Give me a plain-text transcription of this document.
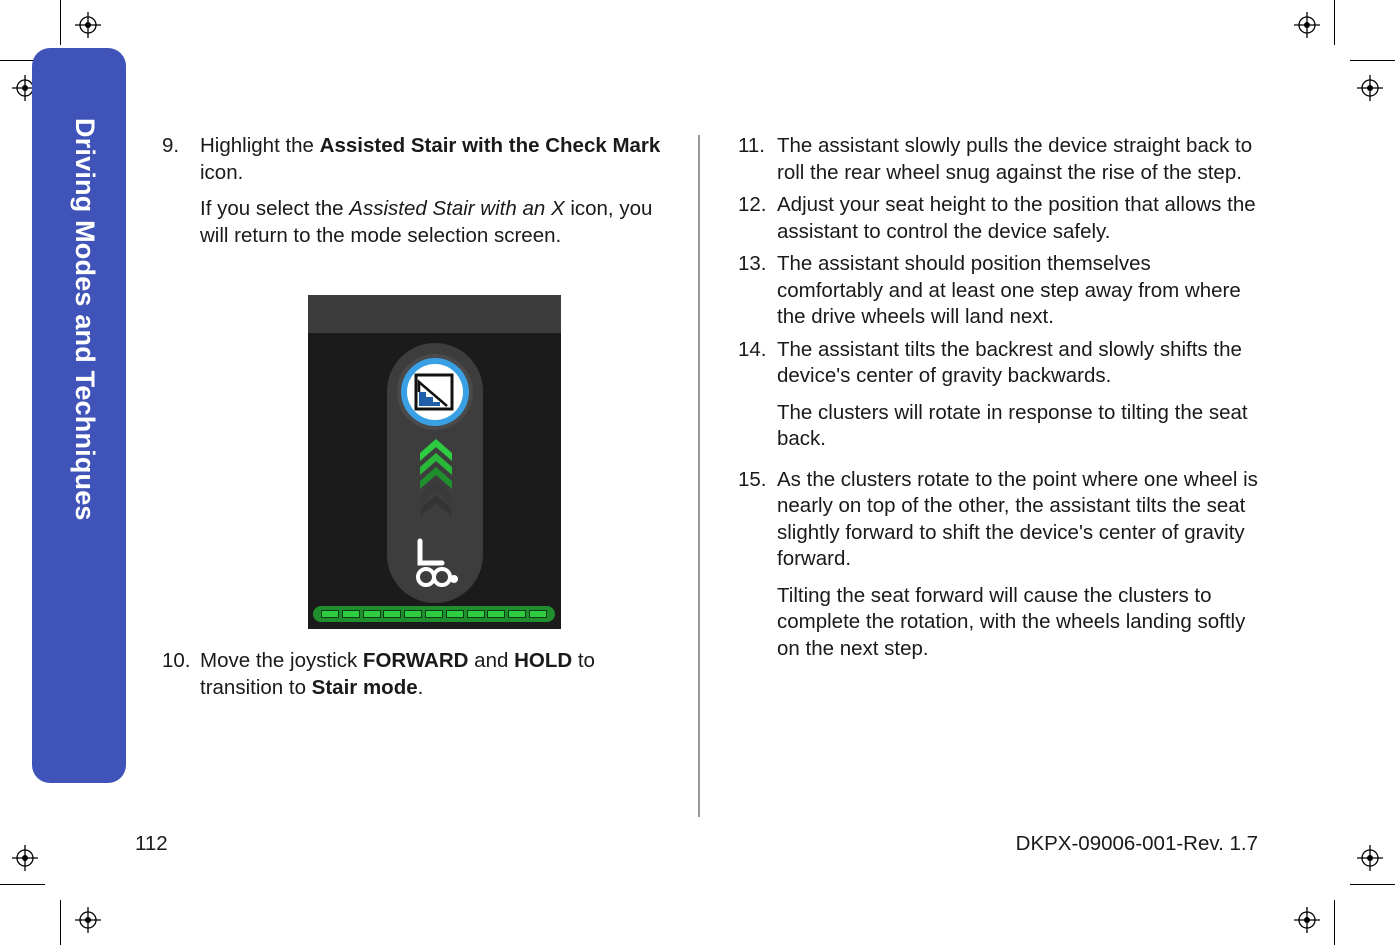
Driving Modes and Techniques	9. Highlight the Assisted Stair with the Check Mark icon.
If you select the Assisted Stair with an X icon, you will return to the mode selection screen.
10. Move the joystick FORWARD and HOLD to transition to Stair mode.
11. The assistant slowly pulls the device straight back to roll the rear wheel snug against the rise of the step.
12. Adjust your seat height to the position that allows the assistant to control the device safely.
13. The assistant should position themselves comfortably and at least one step away from where the drive wheels will land next.
14. The assistant tilts the backrest and slowly shifts the device's center of gravity backwards.
The clusters will rotate in response to tilting the seat back.
15. As the clusters rotate to the point where one wheel is nearly on top of the other, the assistant tilts the seat slightly forward to shift the device's center of gravity forward.
Tilting the seat forward will cause the clusters to complete the rotation, with the wheels landing softly on the next step.
112	DKPX-09006-001-Rev. 1.7
